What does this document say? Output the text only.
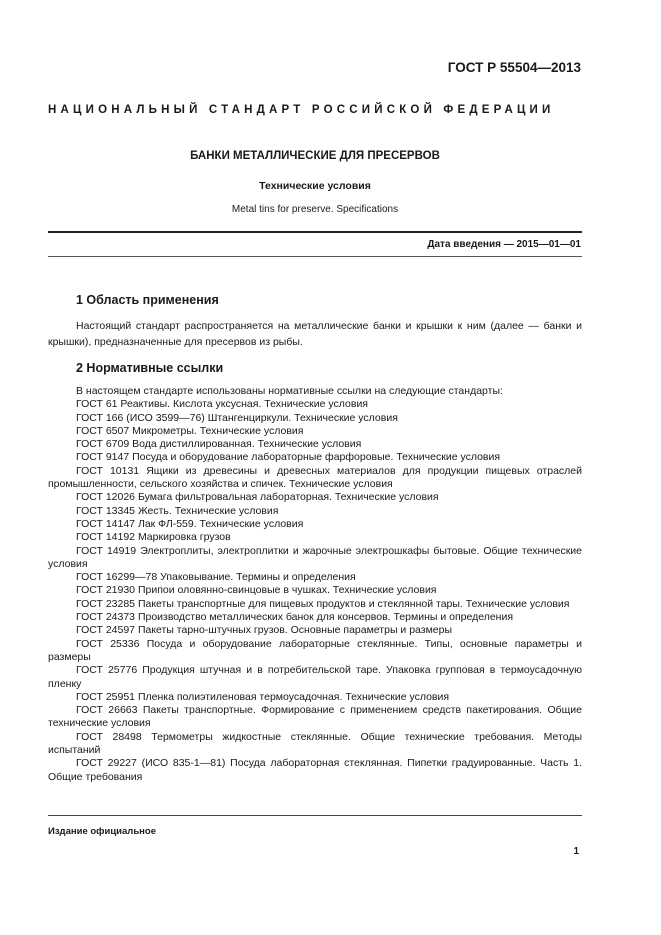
ГОСТ Р 55504—2013
НАЦИОНАЛЬНЫЙ СТАНДАРТ РОССИЙСКОЙ ФЕДЕРАЦИИ
БАНКИ МЕТАЛЛИЧЕСКИЕ ДЛЯ ПРЕСЕРВОВ
Технические условия
Metal tins for preserve. Specifications
Дата введения — 2015—01—01
1 Область применения

Настоящий стандарт распространяется на металлические банки и крышки к ним (далее — банки и крышки), предназначенные для пресервов из рыбы.

2 Нормативные ссылки

В настоящем стандарте использованы нормативные ссылки на следующие стандарты:

ГОСТ 61 Реактивы. Кислота уксусная. Технические условия

ГОСТ 166 (ИСО 3599—76) Штангенциркули. Технические условия

ГОСТ 6507 Микрометры. Технические условия

ГОСТ 6709 Вода дистиллированная. Технические условия

ГОСТ 9147 Посуда и оборудование лабораторные фарфоровые. Технические условия

ГОСТ 10131 Ящики из древесины и древесных материалов для продукции пищевых отраслей промышленности, сельского хозяйства и спичек. Технические условия

ГОСТ 12026 Бумага фильтровальная лабораторная. Технические условия

ГОСТ 13345 Жесть. Технические условия

ГОСТ 14147 Лак ФЛ-559. Технические условия

ГОСТ 14192 Маркировка грузов

ГОСТ 14919 Электроплиты, электроплитки и жарочные электрошкафы бытовые. Общие технические условия

ГОСТ 16299—78 Упаковывание. Термины и определения

ГОСТ 21930 Припои оловянно-свинцовые в чушках. Технические условия

ГОСТ 23285 Пакеты транспортные для пищевых продуктов и стеклянной тары. Технические условия

ГОСТ 24373 Производство металлических банок для консервов. Термины и определения

ГОСТ 24597 Пакеты тарно-штучных грузов. Основные параметры и размеры

ГОСТ 25336 Посуда и оборудование лабораторные стеклянные. Типы, основные параметры и размеры

ГОСТ 25776 Продукция штучная и в потребительской таре. Упаковка групповая в термоусадочную пленку

ГОСТ 25951 Пленка полиэтиленовая термоусадочная. Технические условия

ГОСТ 26663 Пакеты транспортные. Формирование с применением средств пакетирования. Общие технические условия

ГОСТ 28498 Термометры жидкостные стеклянные. Общие технические требования. Методы испытаний

ГОСТ 29227 (ИСО 835-1—81) Посуда лабораторная стеклянная. Пипетки градуированные. Часть 1. Общие требования

Издание официальное
1
